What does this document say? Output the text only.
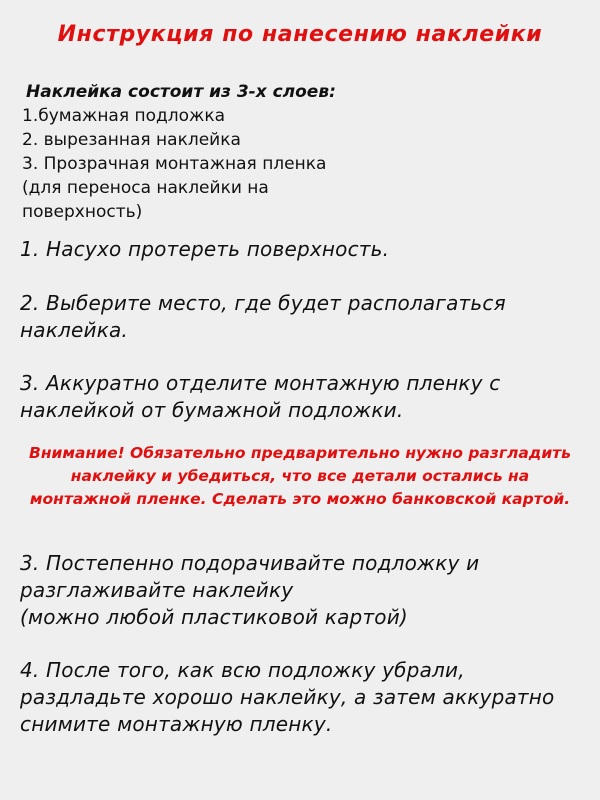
Инструкция по нанесению наклейки
Наклейка состоит из 3-х слоев:
1.бумажная подложка
2. вырезанная наклейка
3. Прозрачная монтажная пленка
(для переноса наклейки на
поверхность)
1. Насухо протереть поверхность.
2. Выберите место, где будет располагаться наклейка.
3. Аккуратно отделите монтажную пленку с наклейкой от бумажной подложки.
Внимание! Обязательно предварительно нужно разгладить наклейку и убедиться, что все детали остались на монтажной пленке. Сделать это можно банковской картой.
3. Постепенно подорачивайте подложку и разглаживайте наклейку
(можно любой пластиковой картой)
4. После того, как всю подложку убрали, раздладьте хорошо наклейку, а затем аккуратно снимите монтажную пленку.
